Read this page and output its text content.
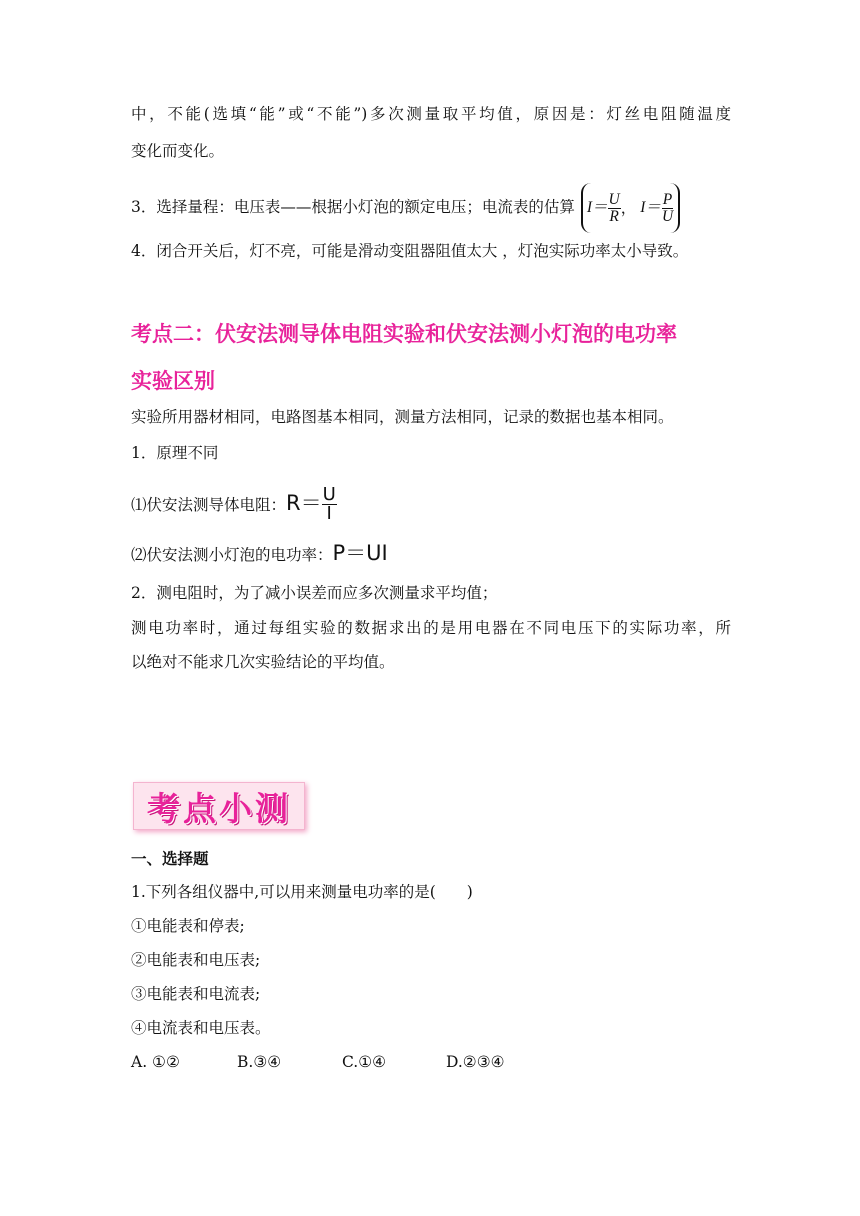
中，不能(选填“能”或“不能”)多次测量取平均值，原因是：灯丝电阻随温度
变化而变化。
3．选择量程：电压表——根据小灯泡的额定电压；电流表的估算 $I= \frac{U}{R}$ ， $I= \frac{P}{U}$
4．闭合开关后，灯不亮，可能是滑动变阻器阻值太大 ，灯泡实际功率太小导致。
考点二：伏安法测导体电阻实验和伏安法测小灯泡的电功率
实验区别
实验所用器材相同，电路图基本相同，测量方法相同，记录的数据也基本相同。
1．原理不同
⑴伏安法测导体电阻：$R= \frac{U}{I}$
⑵伏安法测小灯泡的电功率：P＝UI
2．测电阻时，为了减小误差而应多次测量求平均值；
测电功率时，通过每组实验的数据求出的是用电器在不同电压下的实际功率，所
以绝对不能求几次实验结论的平均值。
考点小测
一、选择题
1.下列各组仪器中,可以用来测量电功率的是(　　)
①电能表和停表;
②电能表和电压表;
③电能表和电流表;
④电流表和电压表。
A. ①②	B.③④	C.①④	D.②③④
